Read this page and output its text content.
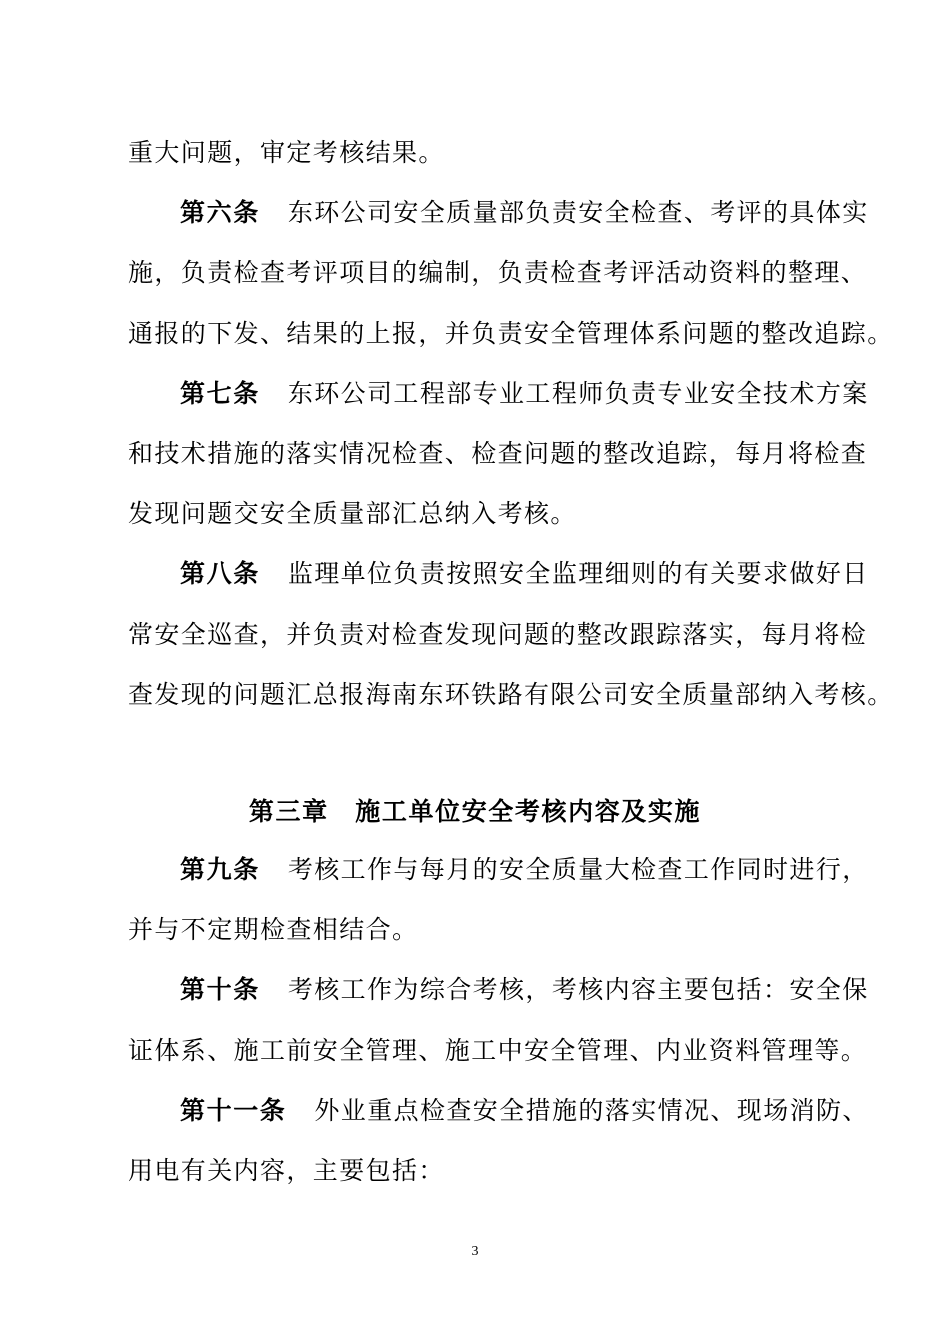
重大问题，审定考核结果。
第六条 东环公司安全质量部负责安全检查、考评的具体实
施，负责检查考评项目的编制，负责检查考评活动资料的整理、
通报的下发、结果的上报，并负责安全管理体系问题的整改追踪。
第七条 东环公司工程部专业工程师负责专业安全技术方案
和技术措施的落实情况检查、检查问题的整改追踪，每月将检查
发现问题交安全质量部汇总纳入考核。
第八条 监理单位负责按照安全监理细则的有关要求做好日
常安全巡查，并负责对检查发现问题的整改跟踪落实，每月将检
查发现的问题汇总报海南东环铁路有限公司安全质量部纳入考核。
第三章　施工单位安全考核内容及实施
第九条 考核工作与每月的安全质量大检查工作同时进行，
并与不定期检查相结合。
第十条 考核工作为综合考核，考核内容主要包括：安全保
证体系、施工前安全管理、施工中安全管理、内业资料管理等。
第十一条 外业重点检查安全措施的落实情况、现场消防、
用电有关内容，主要包括：
3
